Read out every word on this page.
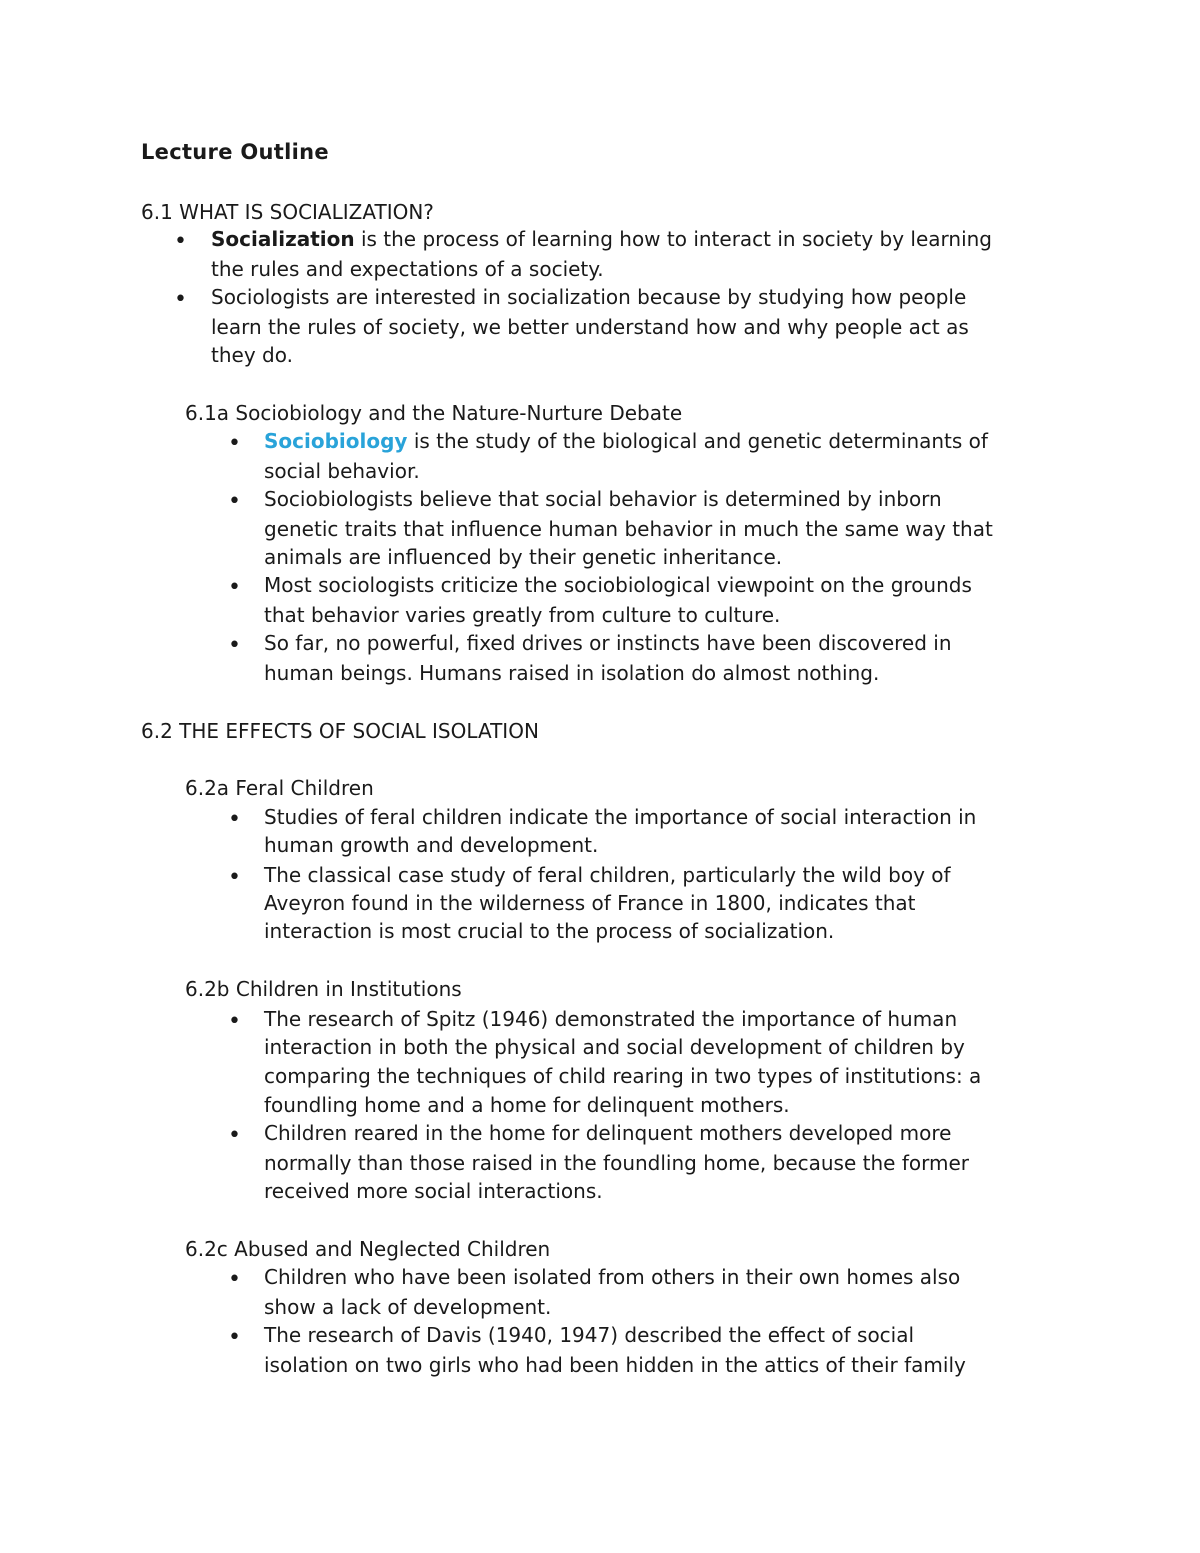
Lecture Outline
6.1 WHAT IS SOCIALIZATION?
• Socialization is the process of learning how to interact in society by learning
the rules and expectations of a society.
• Sociologists are interested in socialization because by studying how people
learn the rules of society, we better understand how and why people act as
they do.
6.1a Sociobiology and the Nature-Nurture Debate
• Sociobiology is the study of the biological and genetic determinants of
social behavior.
• Sociobiologists believe that social behavior is determined by inborn
genetic traits that influence human behavior in much the same way that
animals are influenced by their genetic inheritance.
• Most sociologists criticize the sociobiological viewpoint on the grounds
that behavior varies greatly from culture to culture.
• So far, no powerful, fixed drives or instincts have been discovered in
human beings. Humans raised in isolation do almost nothing.
6.2 THE EFFECTS OF SOCIAL ISOLATION
6.2a Feral Children
• Studies of feral children indicate the importance of social interaction in
human growth and development.
• The classical case study of feral children, particularly the wild boy of
Aveyron found in the wilderness of France in 1800, indicates that
interaction is most crucial to the process of socialization.
6.2b Children in Institutions
• The research of Spitz (1946) demonstrated the importance of human
interaction in both the physical and social development of children by
comparing the techniques of child rearing in two types of institutions: a
foundling home and a home for delinquent mothers.
• Children reared in the home for delinquent mothers developed more
normally than those raised in the foundling home, because the former
received more social interactions.
6.2c Abused and Neglected Children
• Children who have been isolated from others in their own homes also
show a lack of development.
• The research of Davis (1940, 1947) described the effect of social
isolation on two girls who had been hidden in the attics of their family
